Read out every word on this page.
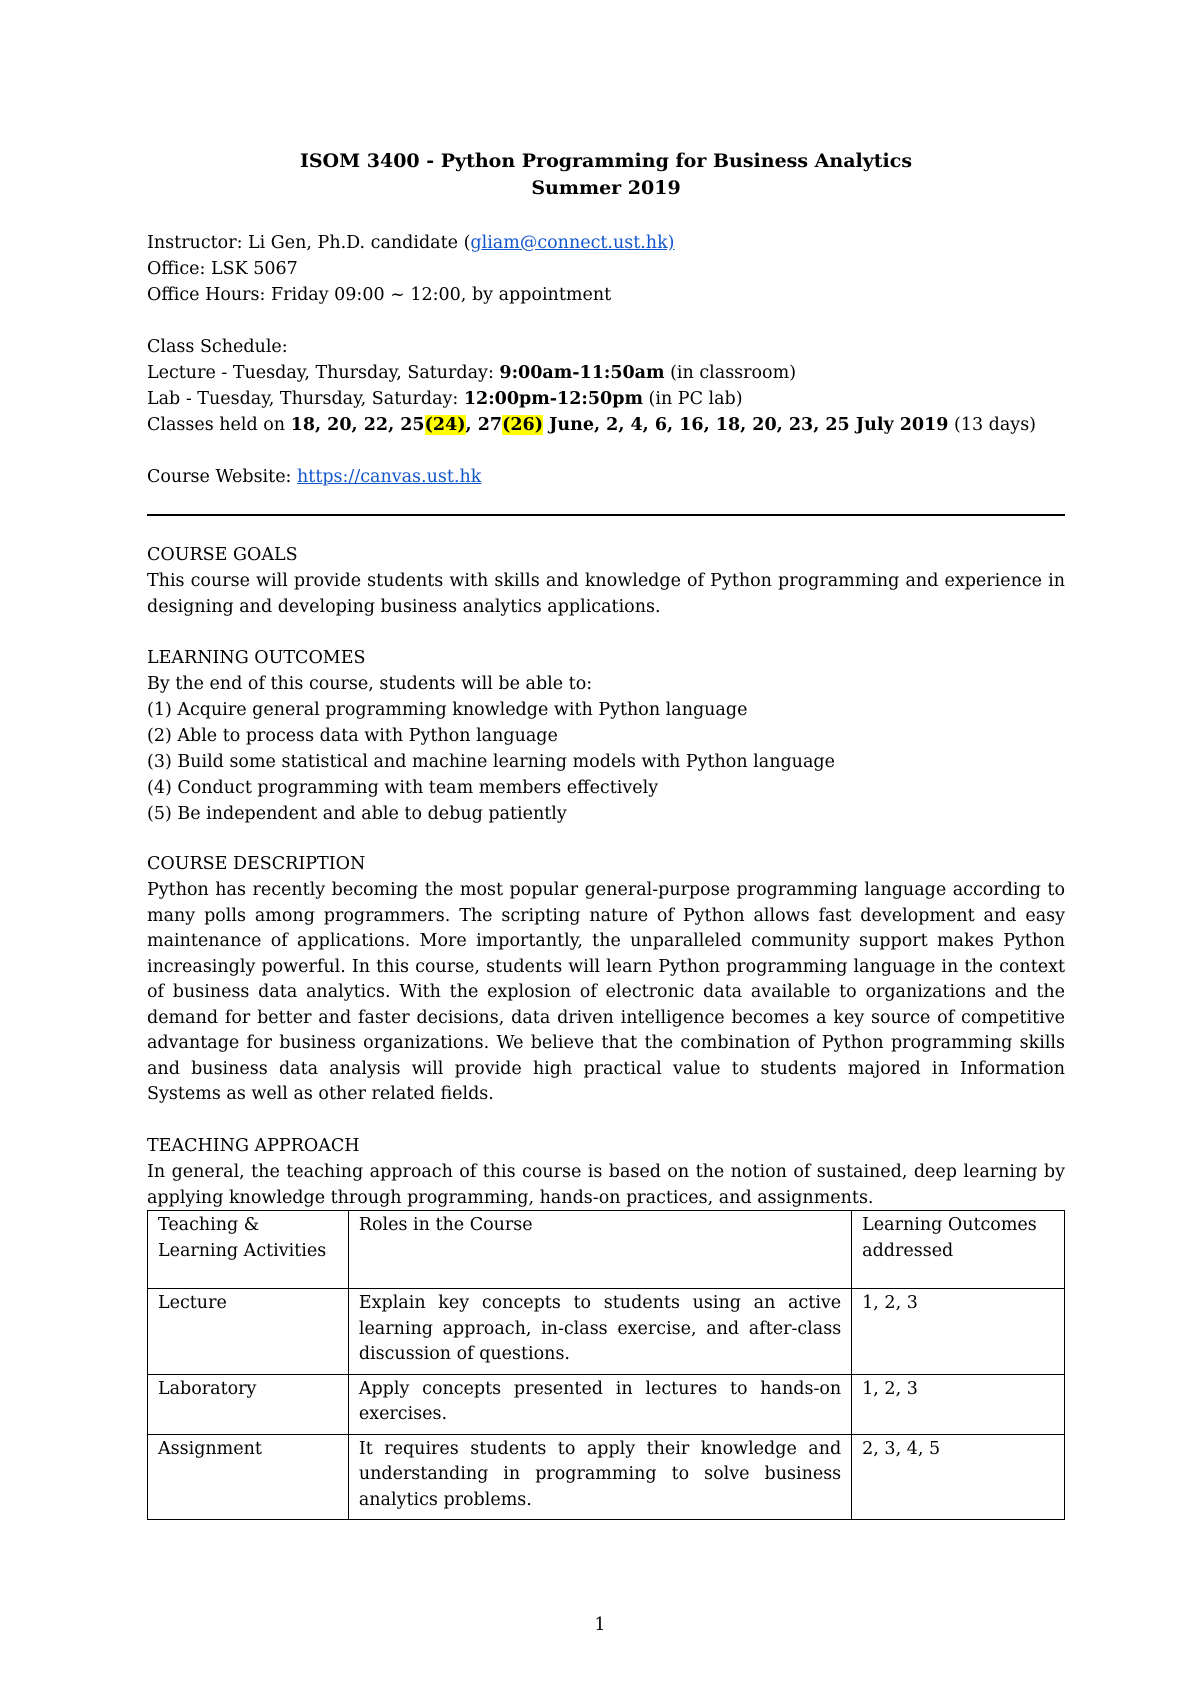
ISOM 3400 - Python Programming for Business Analytics
Summer 2019
Instructor: Li Gen, Ph.D. candidate (gliam@connect.ust.hk)
Office: LSK 5067
Office Hours: Friday 09:00 ~ 12:00, by appointment
Class Schedule:
Lecture - Tuesday, Thursday, Saturday: 9:00am-11:50am (in classroom)
Lab - Tuesday, Thursday, Saturday: 12:00pm-12:50pm (in PC lab)
Classes held on 18, 20, 22, 25(24), 27(26) June, 2, 4, 6, 16, 18, 20, 23, 25 July 2019 (13 days)
Course Website: https://canvas.ust.hk
COURSE GOALS
This course will provide students with skills and knowledge of Python programming and experience in designing and developing business analytics applications.
LEARNING OUTCOMES
By the end of this course, students will be able to:
(1) Acquire general programming knowledge with Python language
(2) Able to process data with Python language
(3) Build some statistical and machine learning models with Python language
(4) Conduct programming with team members effectively
(5) Be independent and able to debug patiently
COURSE DESCRIPTION
Python has recently becoming the most popular general-purpose programming language according to many polls among programmers. The scripting nature of Python allows fast development and easy maintenance of applications. More importantly, the unparalleled community support makes Python increasingly powerful. In this course, students will learn Python programming language in the context of business data analytics. With the explosion of electronic data available to organizations and the demand for better and faster decisions, data driven intelligence becomes a key source of competitive advantage for business organizations. We believe that the combination of Python programming skills and business data analysis will provide high practical value to students majored in Information Systems as well as other related fields.
TEACHING APPROACH
In general, the teaching approach of this course is based on the notion of sustained, deep learning by applying knowledge through programming, hands-on practices, and assignments.
Teaching & Learning Activities	Roles in the Course	Learning Outcomes addressed
Lecture	Explain key concepts to students using an active learning approach, in-class exercise, and after-class discussion of questions.	1, 2, 3
Laboratory	Apply concepts presented in lectures to hands-on exercises.	1, 2, 3
Assignment	It requires students to apply their knowledge and understanding in programming to solve business analytics problems.	2, 3, 4, 5
1
